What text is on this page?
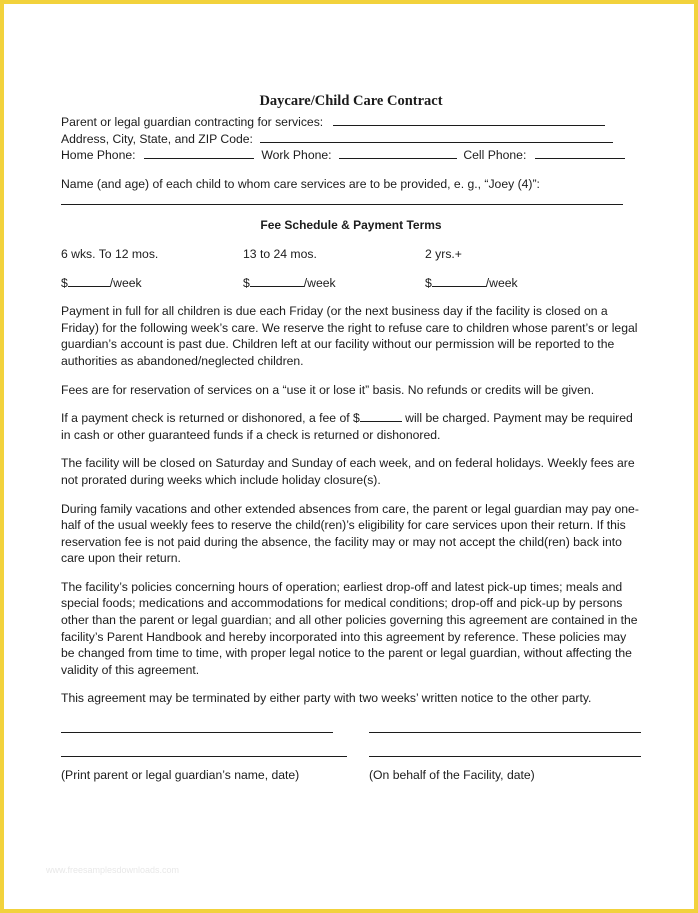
Daycare/Child Care Contract
Parent or legal guardian contracting for services:
Address, City, State, and ZIP Code:
Home Phone:	Work Phone:	Cell Phone:
Name (and age) of each child to whom care services are to be provided, e. g., “Joey (4)”:
Fee Schedule & Payment Terms
6 wks. To 12 mos.	13 to 24 mos.	2 yrs.+
$	/week	$	/week	$	/week

Payment in full for all children is due each Friday (or the next business day if the facility is closed on a Friday) for the following week’s care. We reserve the right to refuse care to children whose parent’s or legal guardian’s account is past due. Children left at our facility without our permission will be reported to the authorities as abandoned/neglected children.

Fees are for reservation of services on a “use it or lose it” basis. No refunds or credits will be given.

If a payment check is returned or dishonored, a fee of $	will be charged. Payment may be required in cash or other guaranteed funds if a check is returned or dishonored.

The facility will be closed on Saturday and Sunday of each week, and on federal holidays. Weekly fees are not prorated during weeks which include holiday closure(s).

During family vacations and other extended absences from care, the parent or legal guardian may pay one-half of the usual weekly fees to reserve the child(ren)’s eligibility for care services upon their return. If this reservation fee is not paid during the absence, the facility may or may not accept the child(ren) back into care upon their return.

The facility’s policies concerning hours of operation; earliest drop-off and latest pick-up times; meals and special foods; medications and accommodations for medical conditions; drop-off and pick-up by persons other than the parent or legal guardian; and all other policies governing this agreement are contained in the facility’s Parent Handbook and hereby incorporated into this agreement by reference. These policies may be changed from time to time, with proper legal notice to the parent or legal guardian, without affecting the validity of this agreement.

This agreement may be terminated by either party with two weeks’ written notice to the other party.

(Print parent or legal guardian’s name, date)	(On behalf of the Facility, date)
www.freesamplesdownloads.com
